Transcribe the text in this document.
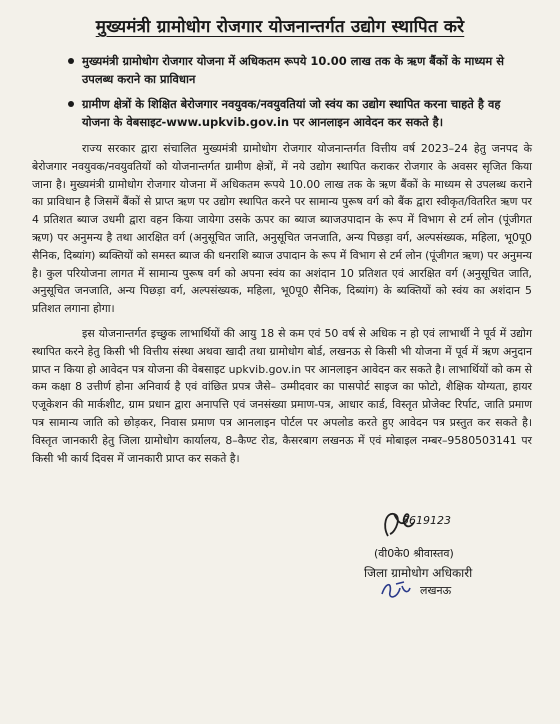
मुख्यमंत्री ग्रामोधोग रोजगार योजनान्तर्गत उद्योग स्थापित करे
मुख्यमंत्री ग्रामोधोग रोजगार योजना में अधिकतम रूपये 10.00 लाख तक के ऋण बैंकों के माध्यम से उपलब्ध कराने का प्राविधान
ग्रामीण क्षेत्रों के शिक्षित बेरोजगार नवयुवक/नवयुवतियां जो स्वंय का उद्योग स्थापित करना चाहते है वह योजना के वेबसाइट-www.upkvib.gov.in पर आनलाइन आवेदन कर सकते है।

राज्य सरकार द्वारा संचालित मुख्यमंत्री ग्रामोधोग रोजगार योजनान्तर्गत वित्तीय वर्ष 2023–24 हेतु जनपद के बेरोजगार नवयुवक/नवयुवतियों को योजनान्तर्गत ग्रामीण क्षेत्रों, में नये उद्योग स्थापित कराकर रोजगार के अवसर सृजित किया जाना है। मुख्यमंत्री ग्रामोधोग रोजगार योजना में अधिकतम रूपये 10.00 लाख तक के ऋण बैंकों के माध्यम से उपलब्ध कराने का प्राविधान है जिसमें बैंकों से प्राप्त ऋण पर उद्योग स्थापित करने पर सामान्य पुरूष वर्ग को बैंक द्वारा स्वीकृत/वितरित ऋण पर 4 प्रतिशत ब्याज उधमी द्वारा वहन किया जायेगा उसके ऊपर का ब्याज ब्याजउपादान के रूप में विभाग से टर्म लोन (पूंजीगत ऋण) पर अनुमन्य है तथा आरक्षित वर्ग (अनुसूचित जाति, अनुसूचित जनजाति, अन्य पिछड़ा वर्ग, अल्पसंख्यक, महिला, भू0पू0 सैनिक, दिब्यांग) ब्यक्तियों को समस्त ब्याज की धनराशि ब्याज उपादान के रूप में विभाग से टर्म लोन (पूंजीगत ऋण) पर अनुमन्य है। कुल परियोजना लागत में सामान्य पुरूष वर्ग को अपना स्वंय का अशंदान 10 प्रतिशत एवं आरक्षित वर्ग (अनुसूचित जाति, अनुसूचित जनजाति, अन्य पिछड़ा वर्ग, अल्पसंख्यक, महिला, भू0पू0 सैनिक, दिब्यांग) के ब्यक्तियों को स्वंय का अशंदान 5 प्रतिशत लगाना होगा।

इस योजनान्तर्गत इच्छुक लाभार्थियों की आयु 18 से कम एवं 50 वर्ष से अधिक न हो एवं लाभार्थी ने पूर्व में उद्योग स्थापित करने हेतु किसी भी वित्तीय संस्था अथवा खादी तथा ग्रामोधोग बोर्ड, लखनऊ से किसी भी योजना में पूर्व में ऋण अनुदान प्राप्त न किया हो आवेदन पत्र योजना की वेबसाइट upkvib.gov.in पर आनलाइन आवेदन कर सकते है। लाभार्थियों को कम से कम कक्षा 8 उत्तीर्ण होना अनिवार्य है एवं वांछित प्रपत्र जैसे– उम्मीदवार का पासपोर्ट साइज का फोटो, शैक्षिक योग्यता, हायर एजूकेशन की मार्कशीट, ग्राम प्रधान द्वारा अनापत्ति एवं जनसंख्या प्रमाण-पत्र, आधार कार्ड, विस्तृत प्रोजेक्ट रिर्पाट, जाति प्रमाण पत्र सामान्य जाति को छोड़कर, निवास प्रमाण पत्र आनलाइन पोर्टल पर अपलोड करते हुए आवेदन पत्र प्रस्तुत कर सकते है। विस्तृत जानकारी हेतु जिला ग्रामोधोग कार्यालय, 8–कैण्ट रोड, कैसरबाग लखनऊ में एवं मोबाइल नम्बर–9580503141 पर किसी भी कार्य दिवस में जानकारी प्राप्त कर सकते है।

5619123
(वी0के0 श्रीवास्तव)
जिला ग्रामोधोग अधिकारी
लखनऊ
